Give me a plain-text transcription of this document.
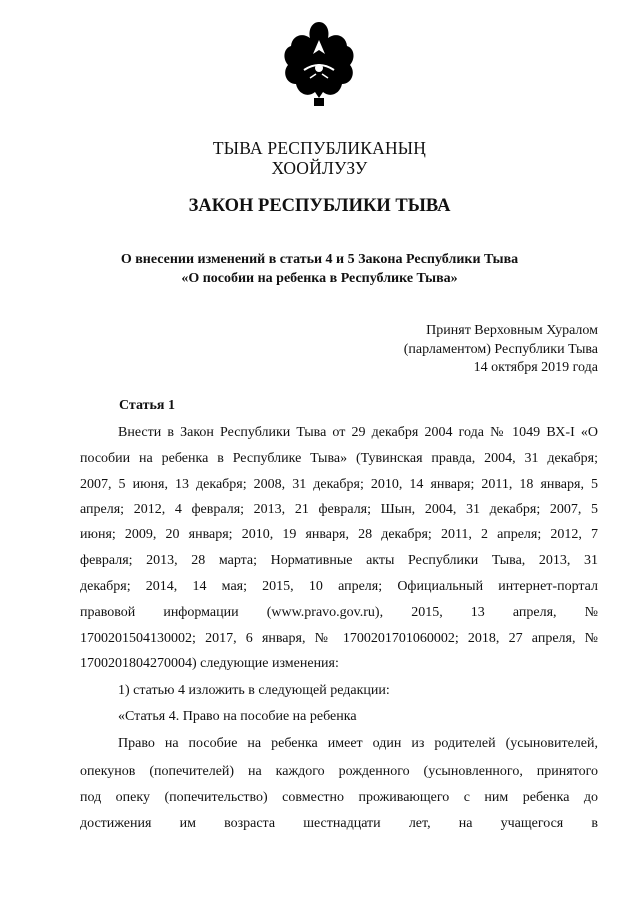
ТЫВА РЕСПУБЛИКАНЫҢ
ХООЙЛУЗУ
ЗАКОН РЕСПУБЛИКИ ТЫВА
О внесении изменений в статьи 4 и 5 Закона Республики Тыва
«О пособии на ребенка в Республике Тыва»
Принят Верховным Хуралом
(парламентом) Республики Тыва
14 октября 2019 года
Статья 1
Внести в Закон Республики Тыва от 29 декабря 2004 года № 1049 ВХ-I «О
пособии на ребенка в Республике Тыва» (Тувинская правда, 2004, 31 декабря;
2007, 5 июня, 13 декабря; 2008, 31 декабря; 2010, 14 января; 2011, 18 января, 5
апреля; 2012, 4 февраля; 2013, 21 февраля; Шын, 2004, 31 декабря; 2007, 5
июня; 2009, 20 января; 2010, 19 января, 28 декабря; 2011, 2 апреля; 2012, 7
февраля; 2013, 28 марта; Нормативные акты Республики Тыва, 2013, 31
декабря; 2014, 14 мая; 2015, 10 апреля; Официальный интернет-портал
правовой информации (www.pravo.gov.ru), 2015, 13 апреля, №
1700201504130002; 2017, 6 января, № 1700201701060002; 2018, 27 апреля, №
1700201804270004) следующие изменения:
1) статью 4 изложить в следующей редакции:
«Статья 4. Право на пособие на ребенка
Право на пособие на ребенка имеет один из родителей (усыновителей,
опекунов (попечителей) на каждого рожденного (усыновленного, принятого
под опеку (попечительство) совместно проживающего с ним ребенка до
достижения им возраста шестнадцати лет, на учащегося в
